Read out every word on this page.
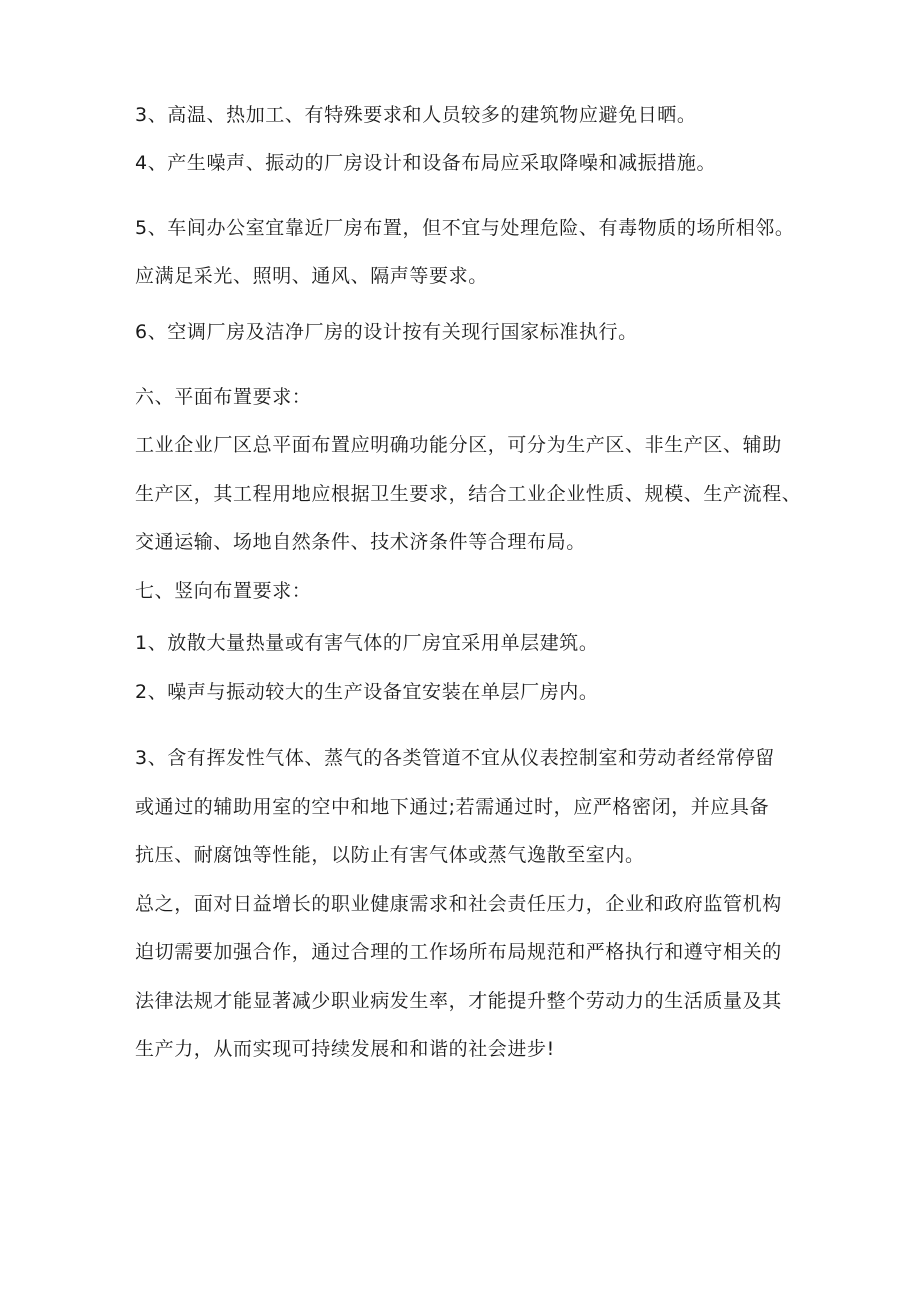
3、高温、热加工、有特殊要求和人员较多的建筑物应避免日晒。
4、产生噪声、振动的厂房设计和设备布局应采取降噪和减振措施。
5、车间办公室宜靠近厂房布置，但不宜与处理危险、有毒物质的场所相邻。
应满足采光、照明、通风、隔声等要求。
6、空调厂房及洁净厂房的设计按有关现行国家标准执行。
六、平面布置要求：
工业企业厂区总平面布置应明确功能分区，可分为生产区、非生产区、辅助
生产区，其工程用地应根据卫生要求，结合工业企业性质、规模、生产流程、
交通运输、场地自然条件、技术济条件等合理布局。
七、竖向布置要求：
1、放散大量热量或有害气体的厂房宜采用单层建筑。
2、噪声与振动较大的生产设备宜安装在单层厂房内。
3、含有挥发性气体、蒸气的各类管道不宜从仪表控制室和劳动者经常停留
或通过的辅助用室的空中和地下通过;若需通过时，应严格密闭，并应具备
抗压、耐腐蚀等性能，以防止有害气体或蒸气逸散至室内。
总之，面对日益增长的职业健康需求和社会责任压力，企业和政府监管机构
迫切需要加强合作，通过合理的工作场所布局规范和严格执行和遵守相关的
法律法规才能显著减少职业病发生率，才能提升整个劳动力的生活质量及其
生产力，从而实现可持续发展和和谐的社会进步!
